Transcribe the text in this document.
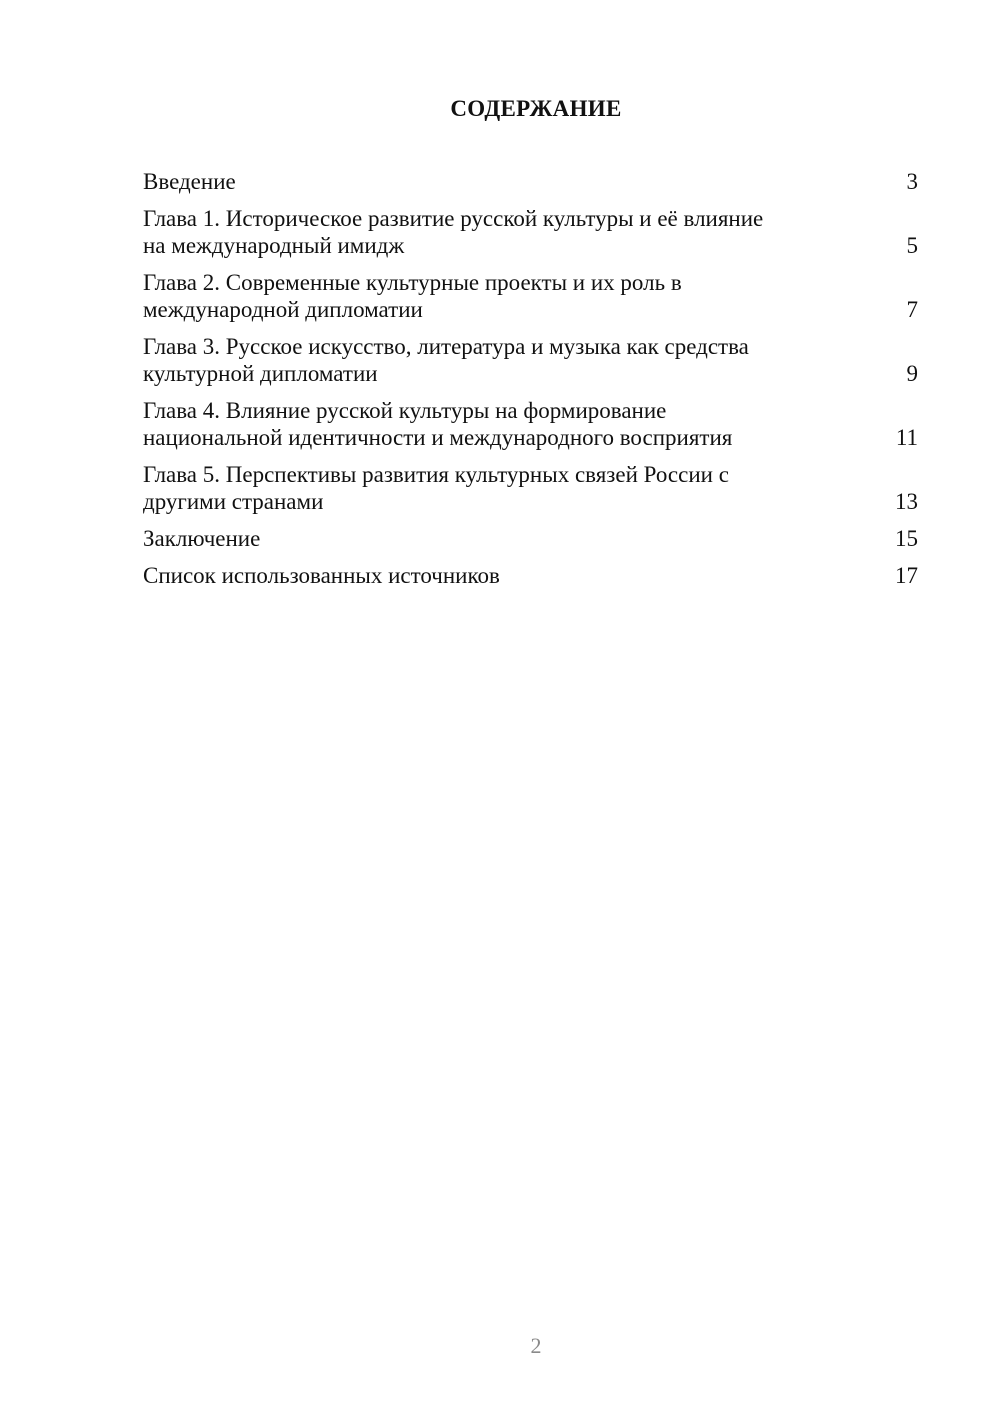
СОДЕРЖАНИЕ
Введение	3
Глава 1. Историческое развитие русской культуры и её влияние
на международный имидж	5
Глава 2. Современные культурные проекты и их роль в
международной дипломатии	7
Глава 3. Русское искусство, литература и музыка как средства
культурной дипломатии	9
Глава 4. Влияние русской культуры на формирование
национальной идентичности и международного восприятия	11
Глава 5. Перспективы развития культурных связей России с
другими странами	13
Заключение	15
Список использованных источников	17
2
